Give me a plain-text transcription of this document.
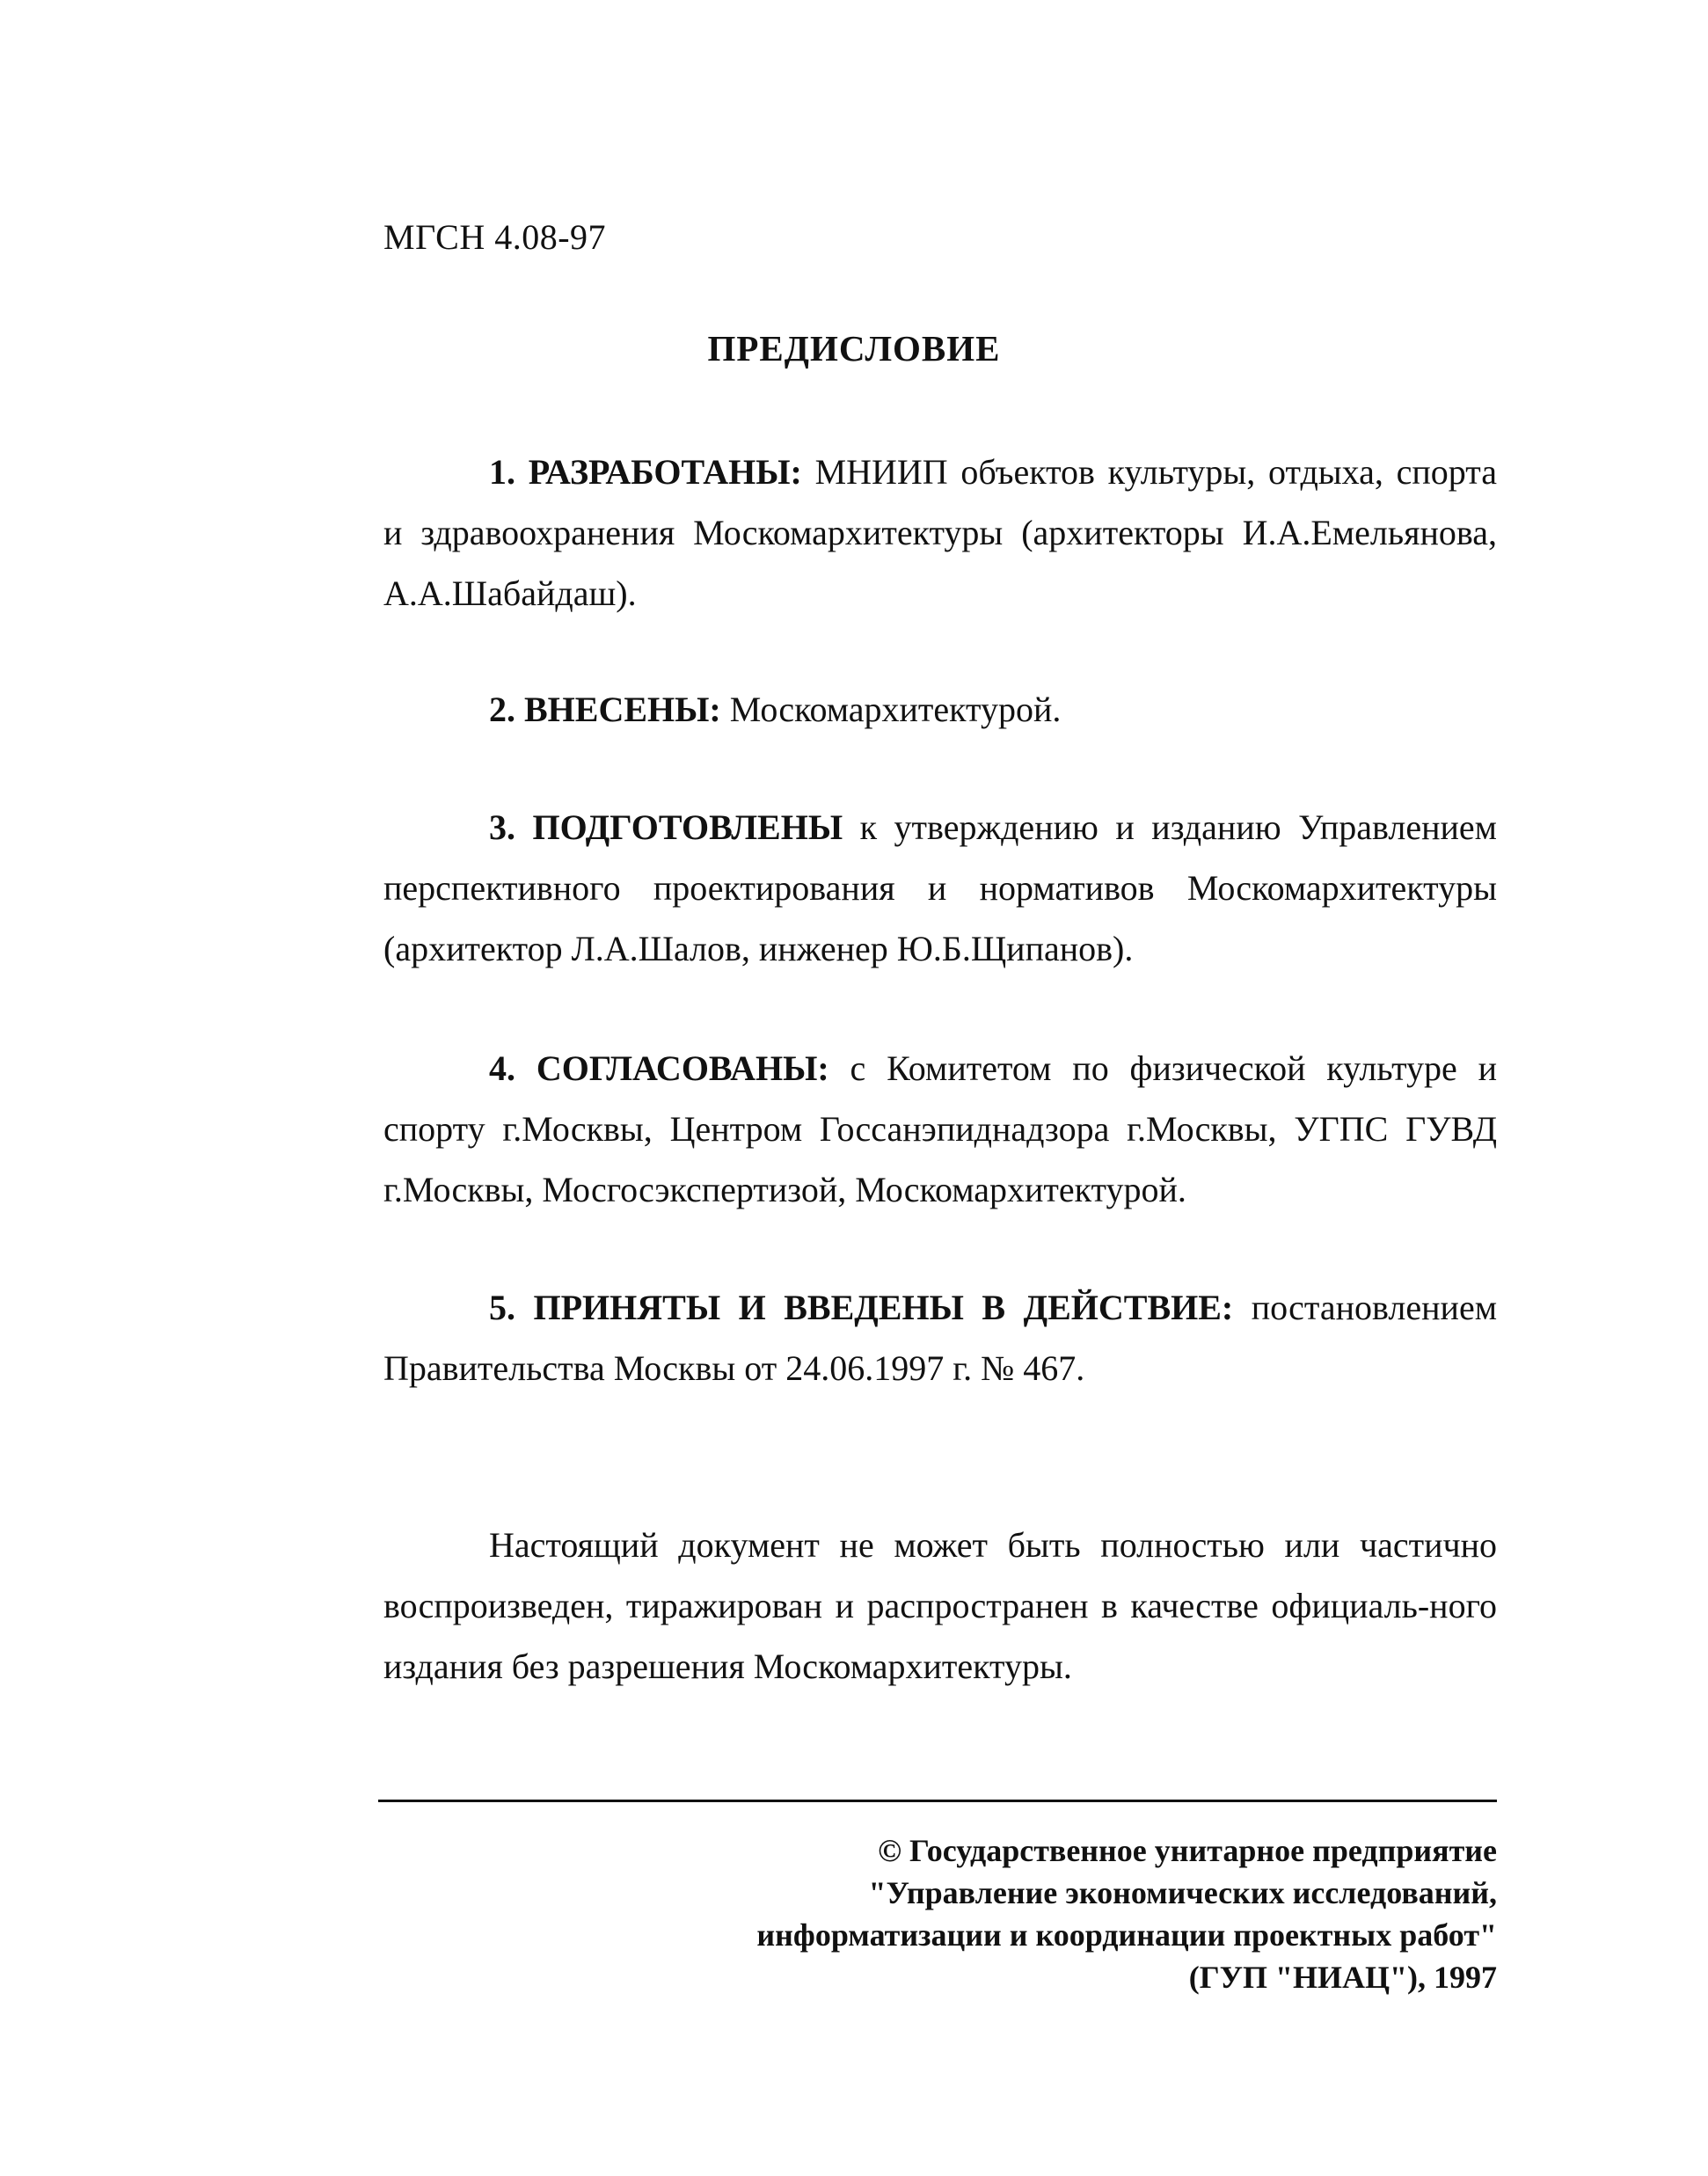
МГСН 4.08-97
ПРЕДИСЛОВИЕ

1. РАЗРАБОТАНЫ: МНИИП объектов культуры, отдыха, спорта и здравоохранения Москомархитектуры (архитекторы И.А.Емельянова, А.А.Шабайдаш).

2. ВНЕСЕНЫ: Москомархитектурой.

3. ПОДГОТОВЛЕНЫ к утверждению и изданию Управлением перспективного проектирования и нормативов Москомархитектуры (архитектор Л.А.Шалов, инженер Ю.Б.Щипанов).

4. СОГЛАСОВАНЫ: с Комитетом по физической культуре и спорту г.Москвы, Центром Госсанэпиднадзора г.Москвы, УГПС ГУВД г.Москвы, Мосгосэкспертизой, Москомархитектурой.

5. ПРИНЯТЫ И ВВЕДЕНЫ В ДЕЙСТВИЕ: постановлением Правительства Москвы от 24.06.1997 г. № 467.

Настоящий документ не может быть полностью или частично воспроизведен, тиражирован и распространен в качестве официаль-ного издания без разрешения Москомархитектуры.

© Государственное унитарное предприятие
"Управление экономических исследований,
информатизации и координации проектных работ"
(ГУП "НИАЦ"), 1997
